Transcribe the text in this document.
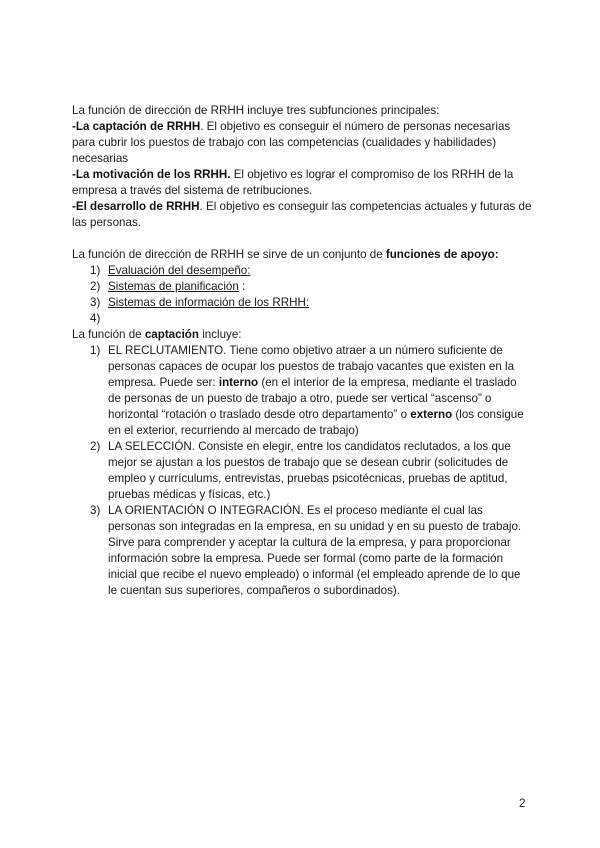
La función de dirección de RRHH incluye tres subfunciones principales:

-La captación de RRHH. El objetivo es conseguir el número de personas necesarias para cubrir los puestos de trabajo con las competencias (cualidades y habilidades) necesarias

-La motivación de los RRHH. El objetivo es lograr el compromiso de los RRHH de la empresa a través del sistema de retribuciones.

-El desarrollo de RRHH. El objetivo es conseguir las competencias actuales y futuras de las personas.

La función de dirección de RRHH se sirve de un conjunto de funciones de apoyo:

1) Evaluación del desempeño:
2) Sistemas de planificación :
3) Sistemas de información de los RRHH:
4)

La función de captación incluye:

1) EL RECLUTAMIENTO. Tiene como objetivo atraer a un número suficiente de personas capaces de ocupar los puestos de trabajo vacantes que existen en la empresa. Puede ser: interno (en el interior de la empresa, mediante el traslado de personas de un puesto de trabajo a otro, puede ser vertical “ascenso” o horizontal “rotación o traslado desde otro departamento” o externo (los consigue en el exterior, recurriendo al mercado de trabajo)
2) LA SELECCIÓN. Consiste en elegir, entre los candidatos reclutados, a los que mejor se ajustan a los puestos de trabajo que se desean cubrir (solicitudes de empleo y currículums, entrevistas, pruebas psicotécnicas, pruebas de aptitud, pruebas médicas y físicas, etc.)
3) LA ORIENTACIÓN O INTEGRACIÓN. Es el proceso mediante el cual las personas son integradas en la empresa, en su unidad y en su puesto de trabajo. Sirve para comprender y aceptar la cultura de la empresa, y para proporcionar información sobre la empresa. Puede ser formal (como parte de la formación inicial que recibe el nuevo empleado) o informal (el empleado aprende de lo que le cuentan sus superiores, compañeros o subordinados).
2
